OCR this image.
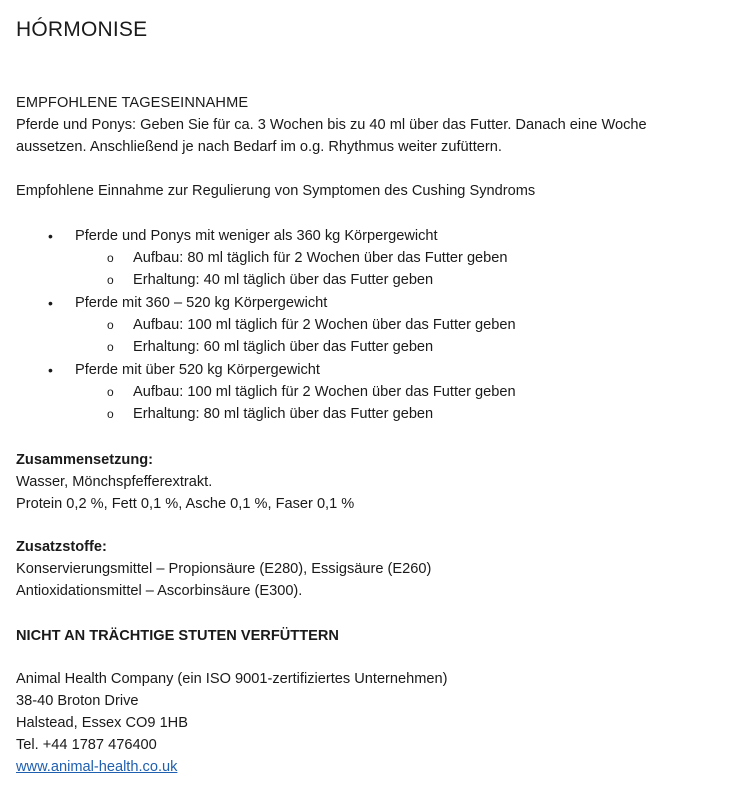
HÓRMONISE
EMPFOHLENE TAGESEINNAHME
Pferde und Ponys: Geben Sie für ca. 3 Wochen bis zu 40 ml über das Futter. Danach eine Woche
aussetzen. Anschließend je nach Bedarf im o.g. Rhythmus weiter zufüttern.
Empfohlene Einnahme zur Regulierung von Symptomen des Cushing Syndroms
• Pferde und Ponys mit weniger als 360 kg Körpergewicht
o Aufbau: 80 ml täglich für 2 Wochen über das Futter geben
o Erhaltung: 40 ml täglich über das Futter geben
• Pferde mit 360 – 520 kg Körpergewicht
o Aufbau: 100 ml täglich für 2 Wochen über das Futter geben
o Erhaltung: 60 ml täglich über das Futter geben
• Pferde mit über 520 kg Körpergewicht
o Aufbau: 100 ml täglich für 2 Wochen über das Futter geben
o Erhaltung: 80 ml täglich über das Futter geben
Zusammensetzung:
Wasser, Mönchspfefferextrakt.
Protein 0,2 %, Fett 0,1 %, Asche 0,1 %, Faser 0,1 %
Zusatzstoffe:
Konservierungsmittel – Propionsäure (E280), Essigsäure (E260)
Antioxidationsmittel – Ascorbinsäure (E300).
NICHT AN TRÄCHTIGE STUTEN VERFÜTTERN
Animal Health Company (ein ISO 9001-zertifiziertes Unternehmen)
38-40 Broton Drive
Halstead, Essex CO9 1HB
Tel. +44 1787 476400
www.animal-health.co.uk
